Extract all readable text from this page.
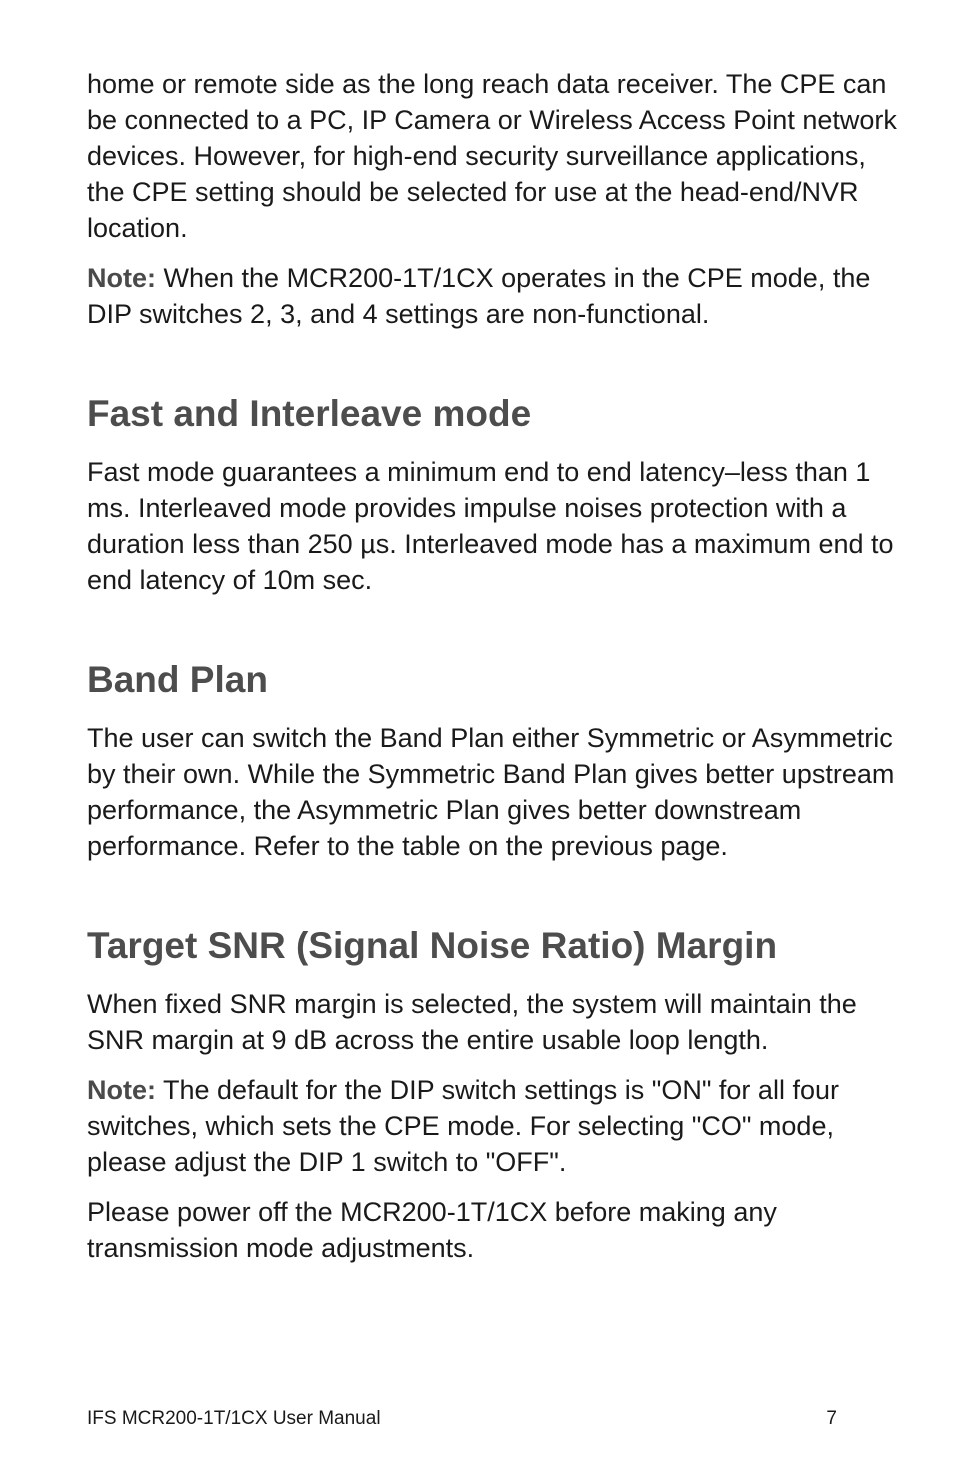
home or remote side as the long reach data receiver. The CPE can be connected to a PC, IP Camera or Wireless Access Point network devices. However, for high-end security surveillance applications, the CPE setting should be selected for use at the head-end/NVR location.

Note: When the MCR200-1T/1CX operates in the CPE mode, the DIP switches 2, 3, and 4 settings are non-functional.

Fast and Interleave mode

Fast mode guarantees a minimum end to end latency–less than 1 ms. Interleaved mode provides impulse noises protection with a duration less than 250 µs. Interleaved mode has a maximum end to end latency of 10m sec.

Band Plan

The user can switch the Band Plan either Symmetric or Asymmetric by their own. While the Symmetric Band Plan gives better upstream performance, the Asymmetric Plan gives better downstream performance. Refer to the table on the previous page.

Target SNR (Signal Noise Ratio) Margin

When fixed SNR margin is selected, the system will maintain the SNR margin at 9 dB across the entire usable loop length.

Note: The default for the DIP switch settings is "ON" for all four switches, which sets the CPE mode. For selecting "CO" mode, please adjust the DIP 1 switch to "OFF".

Please power off the MCR200-1T/1CX before making any transmission mode adjustments.

IFS MCR200-1T/1CX User Manual	7
